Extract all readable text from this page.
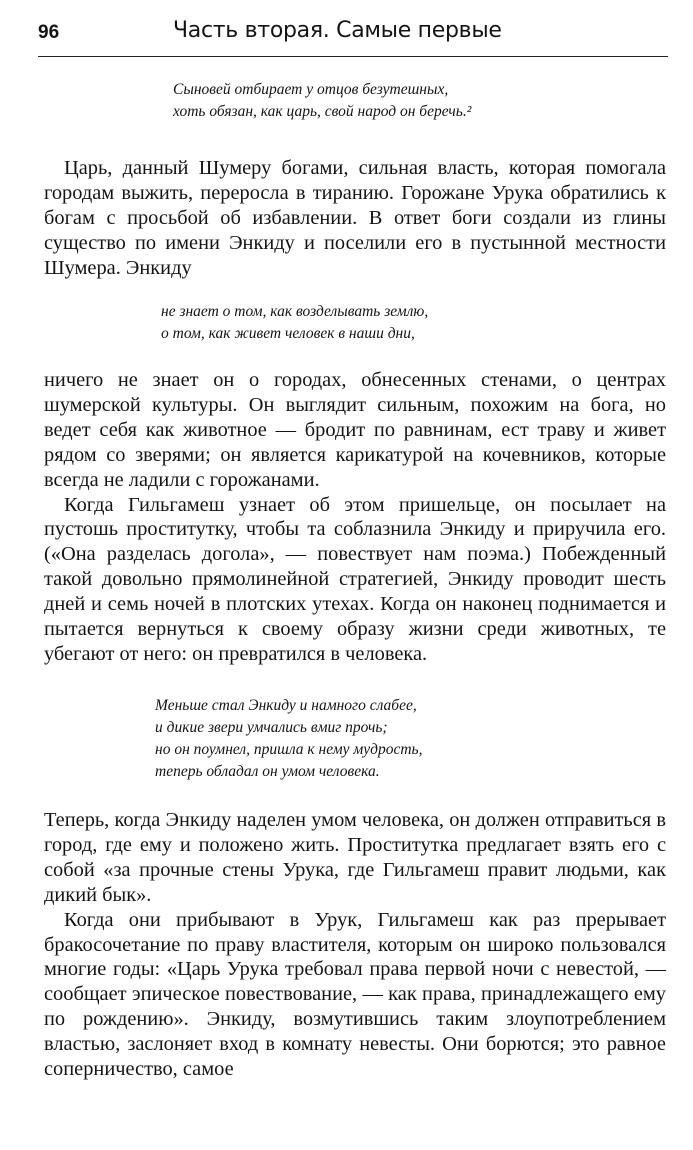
96	Часть вторая. Самые первые
Сыновей отбирает у отцов безутешных,
хоть обязан, как царь, свой народ он беречь.²

Царь, данный Шумеру богами, сильная власть, которая помогала городам выжить, переросла в тиранию. Горожане Урука обратились к богам с просьбой об избавлении. В ответ боги создали из глины существо по имени Энкиду и поселили его в пустынной местности Шумера. Энкиду

не знает о том, как возделывать землю,
о том, как живет человек в наши дни,

ничего не знает он о городах, обнесенных стенами, о центрах шумерской культуры. Он выглядит сильным, похожим на бога, но ведет себя как животное — бродит по равнинам, ест траву и живет рядом со зверями; он является карикатурой на кочевников, которые всегда не ладили с горожанами.

Когда Гильгамеш узнает об этом пришельце, он посылает на пустошь проститутку, чтобы та соблазнила Энкиду и приручила его. («Она разделась догола», — повествует нам поэма.) Побежденный такой довольно прямолинейной стратегией, Энкиду проводит шесть дней и семь ночей в плотских утехах. Когда он наконец поднимается и пытается вернуться к своему образу жизни среди животных, те убегают от него: он превратился в человека.

Меньше стал Энкиду и намного слабее,
и дикие звери умчались вмиг прочь;
но он поумнел, пришла к нему мудрость,
теперь обладал он умом человека.

Теперь, когда Энкиду наделен умом человека, он должен отправиться в город, где ему и положено жить. Проститутка предлагает взять его с собой «за прочные стены Урука, где Гильгамеш правит людьми, как дикий бык».

Когда они прибывают в Урук, Гильгамеш как раз прерывает бракосочетание по праву властителя, которым он широко пользовался многие годы: «Царь Урука требовал права первой ночи с невестой, — сообщает эпическое повествование, — как права, принадлежащего ему по рождению». Энкиду, возмутившись таким злоупотреблением властью, заслоняет вход в комнату невесты. Они борются; это равное соперничество, самое
